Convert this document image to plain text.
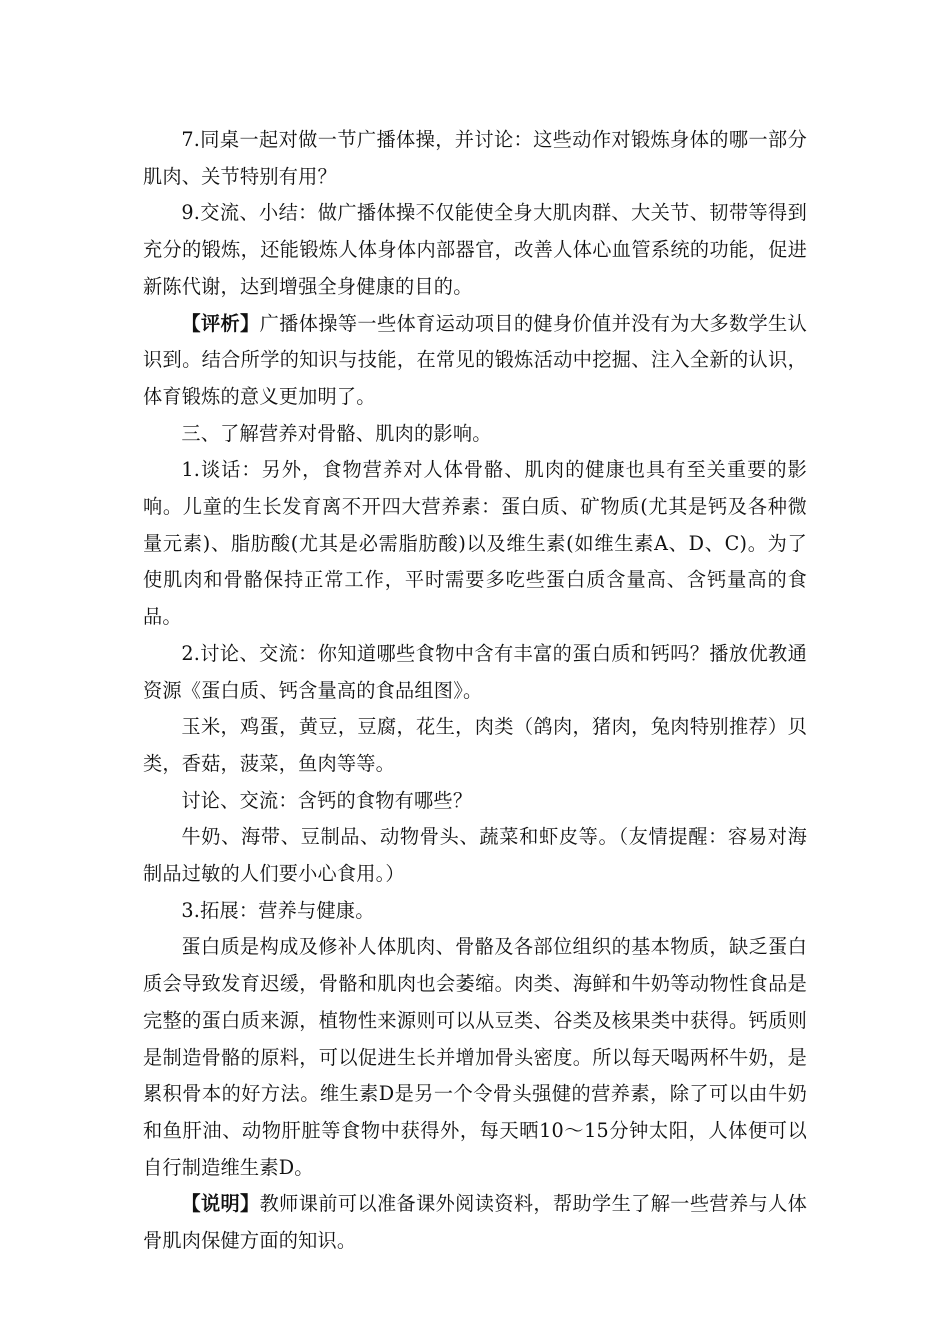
7.同桌一起对做一节广播体操，并讨论：这些动作对锻炼身体的哪一部分肌肉、关节特别有用？

9.交流、小结：做广播体操不仅能使全身大肌肉群、大关节、韧带等得到充分的锻炼，还能锻炼人体身体内部器官，改善人体心血管系统的功能，促进新陈代谢，达到增强全身健康的目的。

【评析】广播体操等一些体育运动项目的健身价值并没有为大多数学生认识到。结合所学的知识与技能，在常见的锻炼活动中挖掘、注入全新的认识，体育锻炼的意义更加明了。

三、了解营养对骨骼、肌肉的影响。

1.谈话：另外，食物营养对人体骨骼、肌肉的健康也具有至关重要的影响。儿童的生长发育离不开四大营养素：蛋白质、矿物质(尤其是钙及各种微量元素)、脂肪酸(尤其是必需脂肪酸)以及维生素(如维生素A、D、C)。为了使肌肉和骨骼保持正常工作，平时需要多吃些蛋白质含量高、含钙量高的食品。

2.讨论、交流：你知道哪些食物中含有丰富的蛋白质和钙吗？播放优教通资源《蛋白质、钙含量高的食品组图》。

玉米，鸡蛋，黄豆，豆腐，花生，肉类（鸽肉，猪肉，兔肉特别推荐）贝类，香菇，菠菜，鱼肉等等。

讨论、交流：含钙的食物有哪些？

牛奶、海带、豆制品、动物骨头、蔬菜和虾皮等。（友情提醒：容易对海制品过敏的人们要小心食用。）

3.拓展：营养与健康。

蛋白质是构成及修补人体肌肉、骨骼及各部位组织的基本物质，缺乏蛋白质会导致发育迟缓，骨骼和肌肉也会萎缩。肉类、海鲜和牛奶等动物性食品是完整的蛋白质来源，植物性来源则可以从豆类、谷类及核果类中获得。钙质则是制造骨骼的原料，可以促进生长并增加骨头密度。所以每天喝两杯牛奶，是累积骨本的好方法。维生素D是另一个令骨头强健的营养素，除了可以由牛奶和鱼肝油、动物肝脏等食物中获得外，每天晒10～15分钟太阳，人体便可以自行制造维生素D。

【说明】教师课前可以准备课外阅读资料，帮助学生了解一些营养与人体骨肌肉保健方面的知识。
